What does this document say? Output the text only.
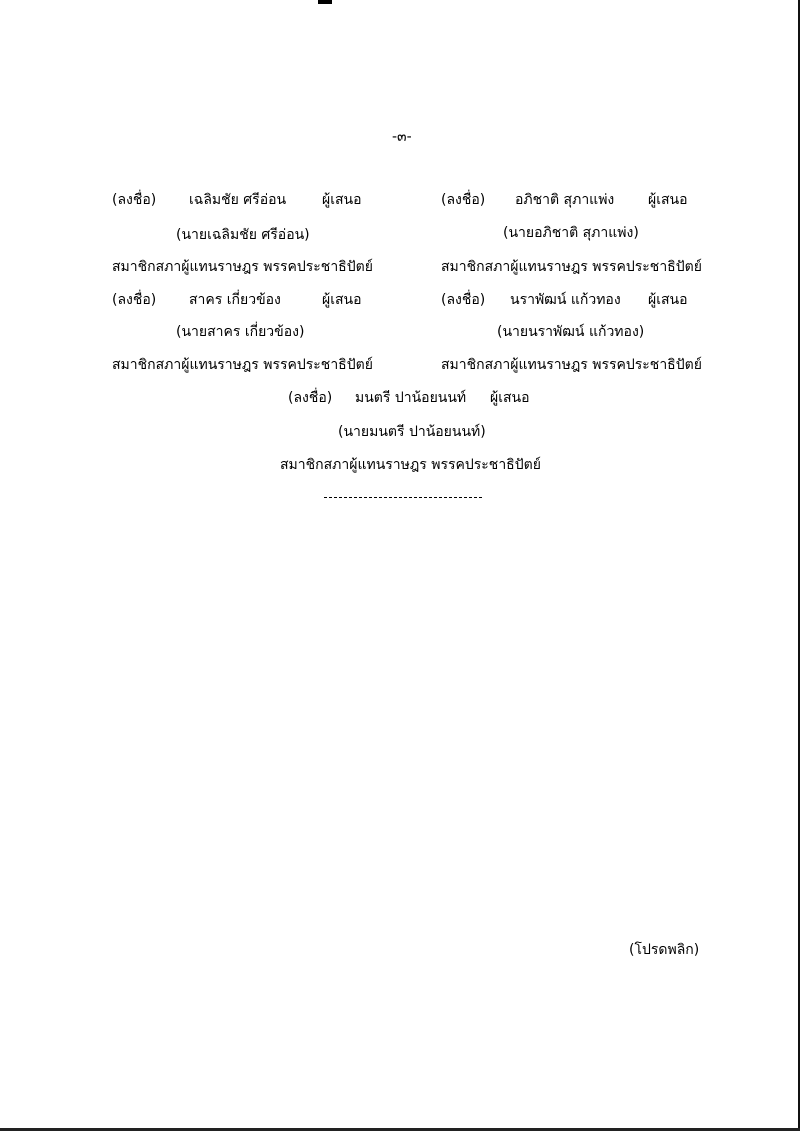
-๓-
(ลงชื่อ) เฉลิมชัย ศรีอ่อน	ผู้เสนอ
(นายเฉลิมชัย ศรีอ่อน)
สมาชิกสภาผู้แทนราษฎร พรรคประชาธิปัตย์
(ลงชื่อ) อภิชาติ สุภาแพ่ง ผู้เสนอ
(นายอภิชาติ สุภาแพ่ง)
สมาชิกสภาผู้แทนราษฎร พรรคประชาธิปัตย์
(ลงชื่อ) สาคร เกี่ยวข้อง	ผู้เสนอ
(นายสาคร เกี่ยวข้อง)
สมาชิกสภาผู้แทนราษฎร พรรคประชาธิปัตย์
(ลงชื่อ) นราพัฒน์ แก้วทอง ผู้เสนอ
(นายนราพัฒน์ แก้วทอง)
สมาชิกสภาผู้แทนราษฎร พรรคประชาธิปัตย์
(ลงชื่อ) มนตรี ปาน้อยนนท์ ผู้เสนอ
(นายมนตรี ปาน้อยนนท์)
สมาชิกสภาผู้แทนราษฎร พรรคประชาธิปัตย์
(โปรดพลิก)
